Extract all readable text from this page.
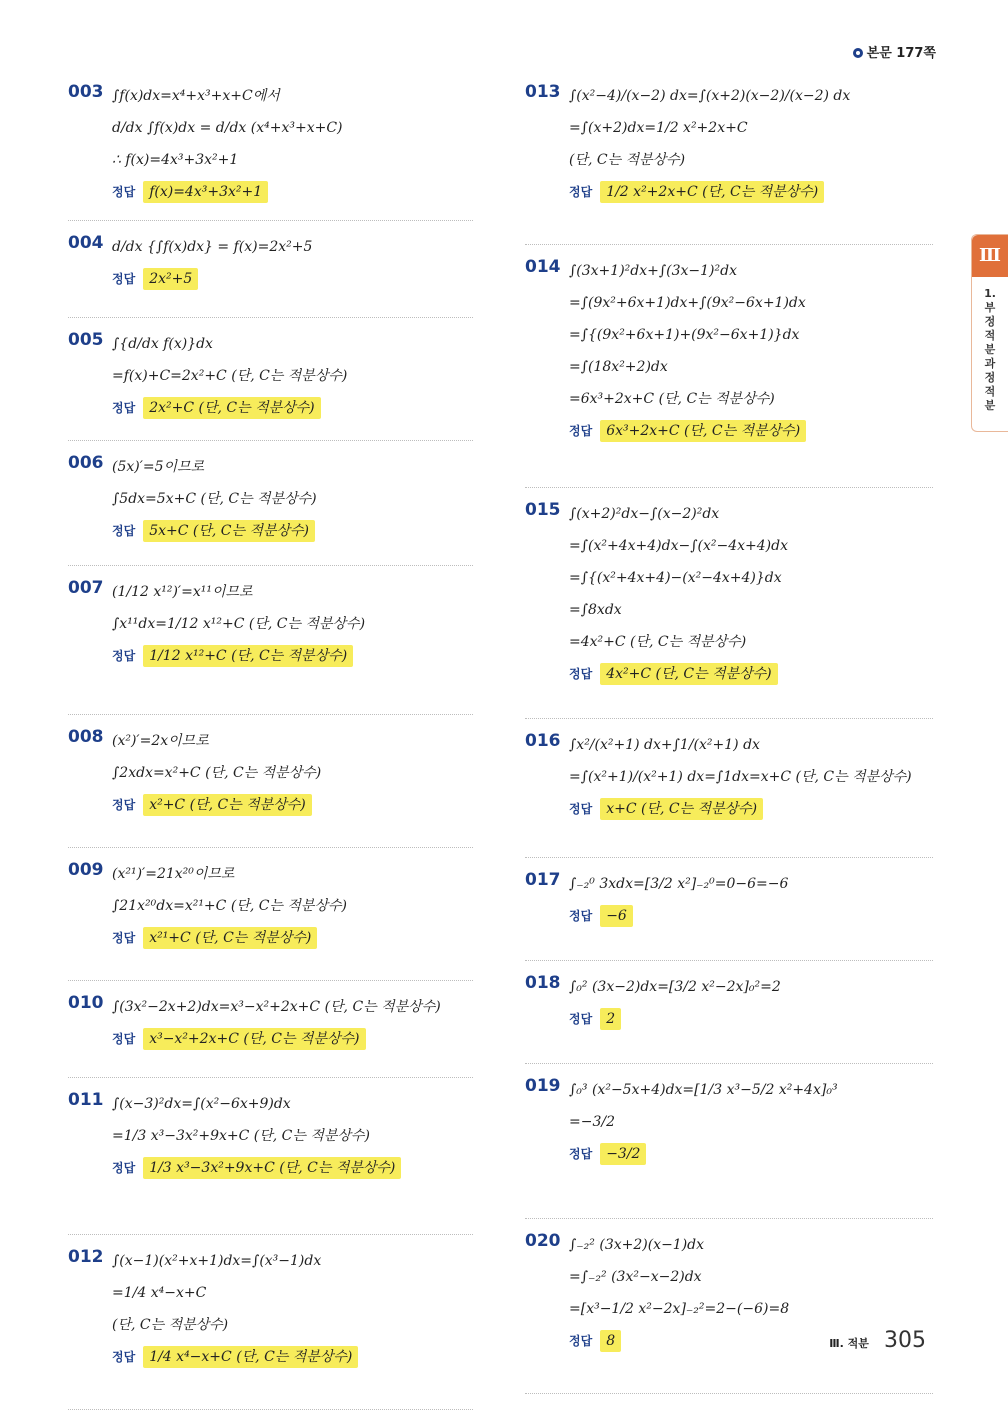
본문 177쪽
Ⅲ
1. 부정적분과 정적분
003 ∫f(x)dx=x⁴+x³+x+C에서
d/dx ∫f(x)dx = d/dx (x⁴+x³+x+C)
∴ f(x)=4x³+3x²+1
정답 f(x)=4x³+3x²+1
004 d/dx {∫f(x)dx} = f(x)=2x²+5
정답 2x²+5
005 ∫{d/dx f(x)}dx
=f(x)+C=2x²+C (단, C는 적분상수)
정답 2x²+C (단, C는 적분상수)
006 (5x)′=5이므로
∫5dx=5x+C (단, C는 적분상수)
정답 5x+C (단, C는 적분상수)
007 (1/12 x¹²)′=x¹¹이므로
∫x¹¹dx=1/12 x¹²+C (단, C는 적분상수)
정답 1/12 x¹²+C (단, C는 적분상수)
008 (x²)′=2x이므로
∫2xdx=x²+C (단, C는 적분상수)
정답 x²+C (단, C는 적분상수)
009 (x²¹)′=21x²⁰이므로
∫21x²⁰dx=x²¹+C (단, C는 적분상수)
정답 x²¹+C (단, C는 적분상수)
010 ∫(3x²−2x+2)dx=x³−x²+2x+C (단, C는 적분상수)
정답 x³−x²+2x+C (단, C는 적분상수)
011 ∫(x−3)²dx=∫(x²−6x+9)dx
=1/3 x³−3x²+9x+C (단, C는 적분상수)
정답 1/3 x³−3x²+9x+C (단, C는 적분상수)
012 ∫(x−1)(x²+x+1)dx=∫(x³−1)dx
=1/4 x⁴−x+C
(단, C는 적분상수)
정답 1/4 x⁴−x+C (단, C는 적분상수)
013 ∫(x²−4)/(x−2) dx=∫(x+2)(x−2)/(x−2) dx
=∫(x+2)dx=1/2 x²+2x+C
(단, C는 적분상수)
정답 1/2 x²+2x+C (단, C는 적분상수)
014 ∫(3x+1)²dx+∫(3x−1)²dx
=∫(9x²+6x+1)dx+∫(9x²−6x+1)dx
=∫{(9x²+6x+1)+(9x²−6x+1)}dx
=∫(18x²+2)dx
=6x³+2x+C (단, C는 적분상수)
정답 6x³+2x+C (단, C는 적분상수)
015 ∫(x+2)²dx−∫(x−2)²dx
=∫(x²+4x+4)dx−∫(x²−4x+4)dx
=∫{(x²+4x+4)−(x²−4x+4)}dx
=∫8xdx
=4x²+C (단, C는 적분상수)
정답 4x²+C (단, C는 적분상수)
016 ∫x²/(x²+1) dx+∫1/(x²+1) dx
=∫(x²+1)/(x²+1) dx=∫1dx=x+C (단, C는 적분상수)
정답 x+C (단, C는 적분상수)
017 ∫₋₂⁰ 3xdx=[3/2 x²]₋₂⁰=0−6=−6
정답 −6
018 ∫₀² (3x−2)dx=[3/2 x²−2x]₀²=2
정답 2
019 ∫₀³ (x²−5x+4)dx=[1/3 x³−5/2 x²+4x]₀³
=−3/2
정답 −3/2
020 ∫₋₂² (3x+2)(x−1)dx
=∫₋₂² (3x²−x−2)dx
=[x³−1/2 x²−2x]₋₂²=2−(−6)=8
정답 8	Ⅲ. 적분 305
